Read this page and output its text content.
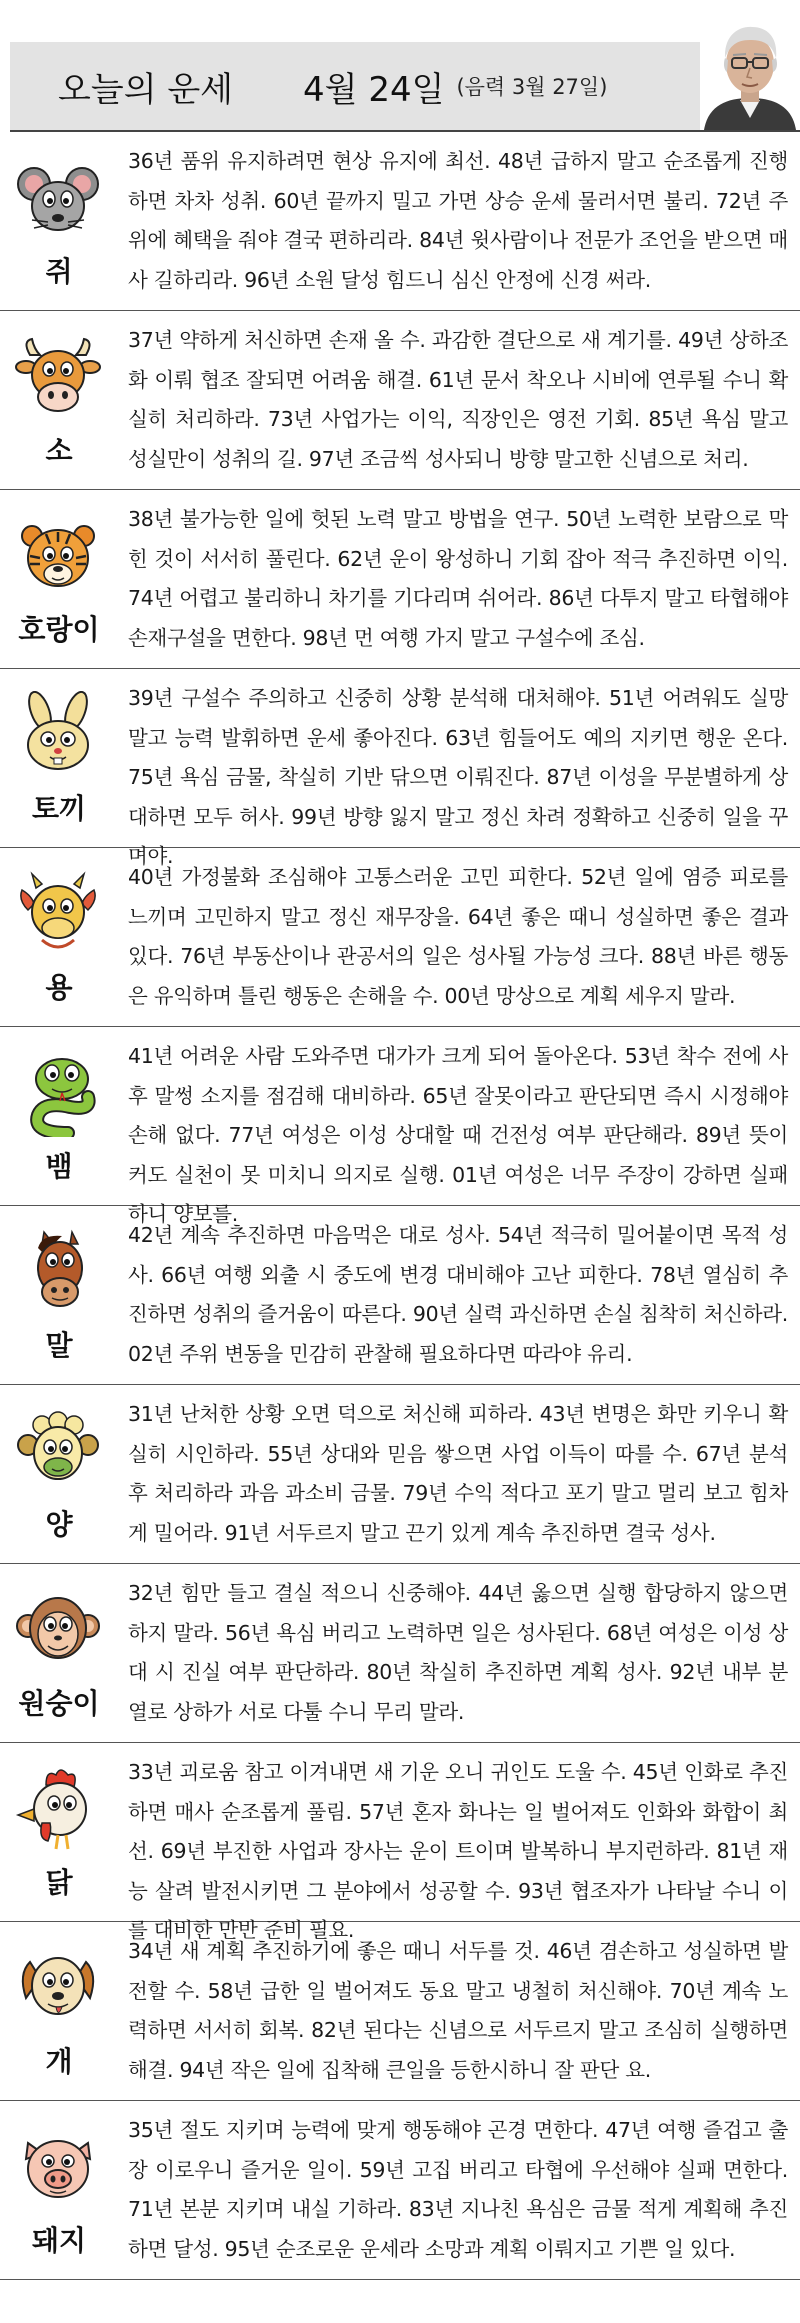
오늘의 운세 4월 24일 (음력 3월 27일)
쥐
36년 품위 유지하려면 현상 유지에 최선. 48년 급하지 말고 순조롭게 진행하면 차차 성취. 60년 끝까지 밀고 가면 상승 운세 물러서면 불리. 72년 주위에 혜택을 줘야 결국 편하리라. 84년 윗사람이나 전문가 조언을 받으면 매사 길하리라. 96년 소원 달성 힘드니 심신 안정에 신경 써라.
소
37년 약하게 처신하면 손재 올 수. 과감한 결단으로 새 계기를. 49년 상하조화 이뤄 협조 잘되면 어려움 해결. 61년 문서 착오나 시비에 연루될 수니 확실히 처리하라. 73년 사업가는 이익, 직장인은 영전 기회. 85년 욕심 말고 성실만이 성취의 길. 97년 조금씩 성사되니 방향 말고한 신념으로 처리.
호랑이
38년 불가능한 일에 헛된 노력 말고 방법을 연구. 50년 노력한 보람으로 막힌 것이 서서히 풀린다. 62년 운이 왕성하니 기회 잡아 적극 추진하면 이익. 74년 어렵고 불리하니 차기를 기다리며 쉬어라. 86년 다투지 말고 타협해야 손재구설을 면한다. 98년 먼 여행 가지 말고 구설수에 조심.
토끼
39년 구설수 주의하고 신중히 상황 분석해 대처해야. 51년 어려워도 실망 말고 능력 발휘하면 운세 좋아진다. 63년 힘들어도 예의 지키면 행운 온다. 75년 욕심 금물, 착실히 기반 닦으면 이뤄진다. 87년 이성을 무분별하게 상대하면 모두 허사. 99년 방향 잃지 말고 정신 차려 정확하고 신중히 일을 꾸며야.
용
40년 가정불화 조심해야 고통스러운 고민 피한다. 52년 일에 염증 피로를 느끼며 고민하지 말고 정신 재무장을. 64년 좋은 때니 성실하면 좋은 결과 있다. 76년 부동산이나 관공서의 일은 성사될 가능성 크다. 88년 바른 행동은 유익하며 틀린 행동은 손해을 수. 00년 망상으로 계획 세우지 말라.
뱀
41년 어려운 사람 도와주면 대가가 크게 되어 돌아온다. 53년 착수 전에 사후 말썽 소지를 점검해 대비하라. 65년 잘못이라고 판단되면 즉시 시정해야 손해 없다. 77년 여성은 이성 상대할 때 건전성 여부 판단해라. 89년 뜻이 커도 실천이 못 미치니 의지로 실행. 01년 여성은 너무 주장이 강하면 실패하니 양보를.
말
42년 계속 추진하면 마음먹은 대로 성사. 54년 적극히 밀어붙이면 목적 성사. 66년 여행 외출 시 중도에 변경 대비해야 고난 피한다. 78년 열심히 추진하면 성취의 즐거움이 따른다. 90년 실력 과신하면 손실 침착히 처신하라. 02년 주위 변동을 민감히 관찰해 필요하다면 따라야 유리.
양
31년 난처한 상황 오면 덕으로 처신해 피하라. 43년 변명은 화만 키우니 확실히 시인하라. 55년 상대와 믿음 쌓으면 사업 이득이 따를 수. 67년 분석 후 처리하라 과음 과소비 금물. 79년 수익 적다고 포기 말고 멀리 보고 힘차게 밀어라. 91년 서두르지 말고 끈기 있게 계속 추진하면 결국 성사.
원숭이
32년 힘만 들고 결실 적으니 신중해야. 44년 옳으면 실행 합당하지 않으면 하지 말라. 56년 욕심 버리고 노력하면 일은 성사된다. 68년 여성은 이성 상대 시 진실 여부 판단하라. 80년 착실히 추진하면 계획 성사. 92년 내부 분열로 상하가 서로 다툴 수니 무리 말라.
닭
33년 괴로움 참고 이겨내면 새 기운 오니 귀인도 도울 수. 45년 인화로 추진하면 매사 순조롭게 풀림. 57년 혼자 화나는 일 벌어져도 인화와 화합이 최선. 69년 부진한 사업과 장사는 운이 트이며 발복하니 부지런하라. 81년 재능 살려 발전시키면 그 분야에서 성공할 수. 93년 협조자가 나타날 수니 이를 대비한 만반 준비 필요.
개
34년 새 계획 추진하기에 좋은 때니 서두를 것. 46년 겸손하고 성실하면 발전할 수. 58년 급한 일 벌어져도 동요 말고 냉철히 처신해야. 70년 계속 노력하면 서서히 회복. 82년 된다는 신념으로 서두르지 말고 조심히 실행하면 해결. 94년 작은 일에 집착해 큰일을 등한시하니 잘 판단 요.
돼지
35년 절도 지키며 능력에 맞게 행동해야 곤경 면한다. 47년 여행 즐겁고 출장 이로우니 즐거운 일이. 59년 고집 버리고 타협에 우선해야 실패 면한다. 71년 본분 지키며 내실 기하라. 83년 지나친 욕심은 금물 적게 계획해 추진하면 달성. 95년 순조로운 운세라 소망과 계획 이뤄지고 기쁜 일 있다.
